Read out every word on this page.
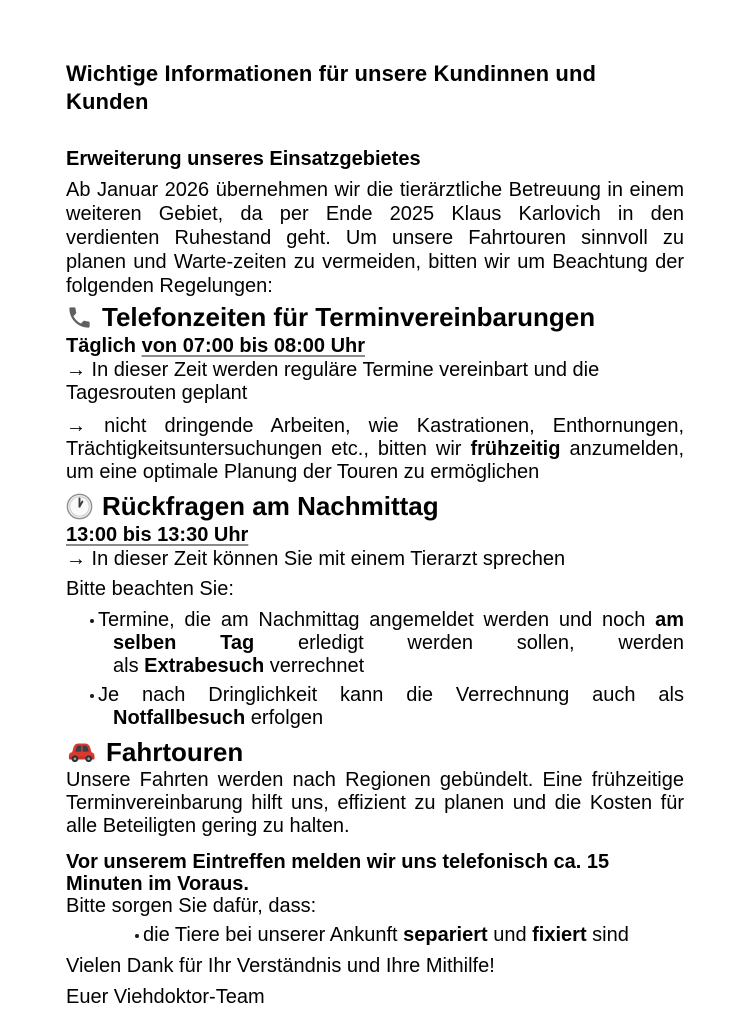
Wichtige Informationen für unsere Kundinnen und Kunden
Erweiterung unseres Einsatzgebietes
Ab Januar 2026 übernehmen wir die tierärztliche Betreuung in einem
weiteren Gebiet, da per Ende 2025 Klaus Karlovich in den
verdienten Ruhestand geht. Um unsere Fahrtouren sinnvoll zu
planen und Warte-zeiten zu vermeiden, bitten wir um Beachtung der
folgenden Regelungen:
Telefonzeiten für Terminvereinbarungen
Täglich von 07:00 bis 08:00 Uhr
→ In dieser Zeit werden reguläre Termine vereinbart und die
Tagesrouten geplant
→ nicht dringende Arbeiten, wie Kastrationen, Enthornungen,
Trächtigkeitsuntersuchungen etc., bitten wir frühzeitig anzumelden,
um eine optimale Planung der Touren zu ermöglichen
Rückfragen am Nachmittag
13:00 bis 13:30 Uhr
→ In dieser Zeit können Sie mit einem Tierarzt sprechen
Bitte beachten Sie:
Termine, die am Nachmittag angemeldet werden und noch am
selben Tag erledigt werden sollen, werden
als Extrabesuch verrechnet
Je nach Dringlichkeit kann die Verrechnung auch als
Notfallbesuch erfolgen
Fahrtouren
Unsere Fahrten werden nach Regionen gebündelt. Eine frühzeitige
Terminvereinbarung hilft uns, effizient zu planen und die Kosten für
alle Beteiligten gering zu halten.
Vor unserem Eintreffen melden wir uns telefonisch ca. 15
Minuten im Voraus.
Bitte sorgen Sie dafür, dass:
die Tiere bei unserer Ankunft separiert und fixiert sind
Vielen Dank für Ihr Verständnis und Ihre Mithilfe!
Euer Viehdoktor-Team
